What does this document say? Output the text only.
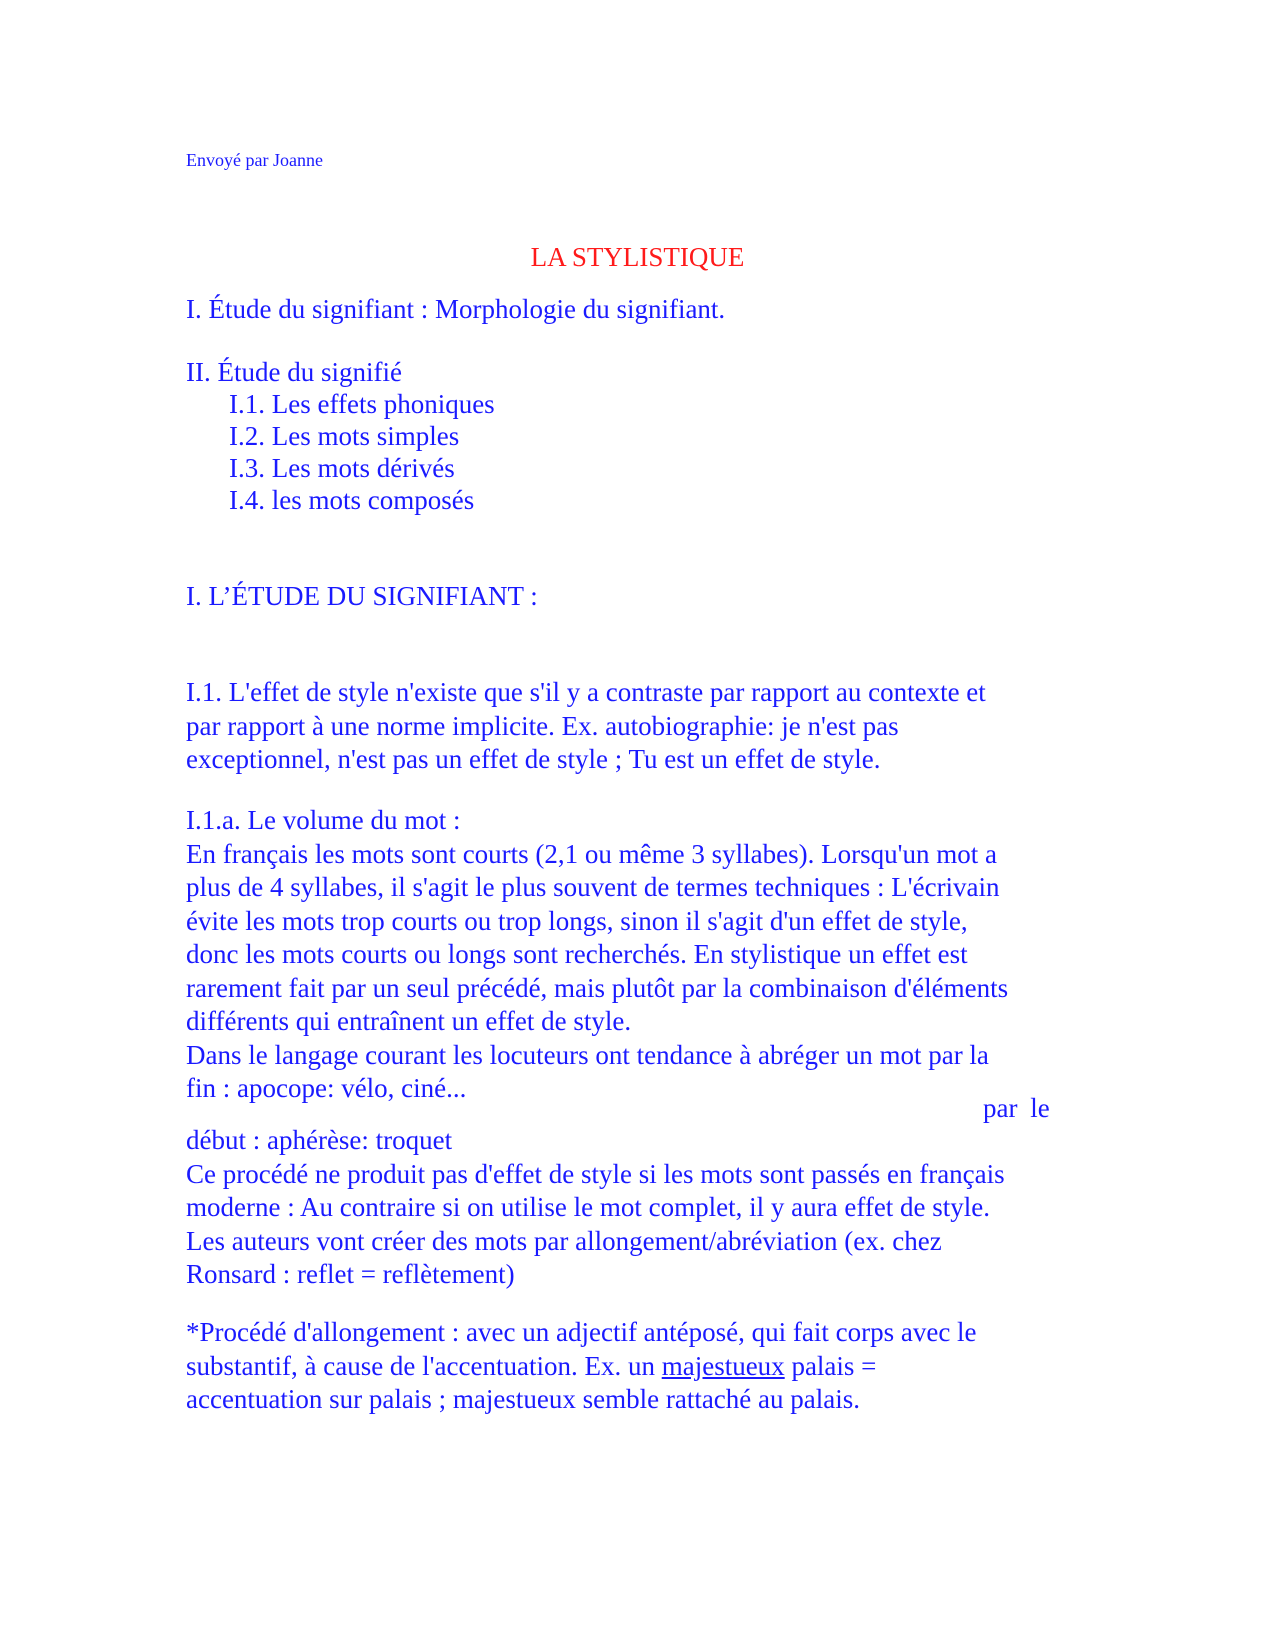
Envoyé par Joanne

LA STYLISTIQUE

I. Étude du signifiant : Morphologie du signifiant.

II. Étude du signifié

I.1. Les effets phoniques

I.2. Les mots simples

I.3. Les mots dérivés

I.4. les mots composés

I. L’ÉTUDE DU SIGNIFIANT :

I.1. L'effet de style n'existe que s'il y a contraste par rapport au contexte et
par rapport à une norme implicite. Ex. autobiographie: je n'est pas
exceptionnel, n'est pas un effet de style ; Tu est un effet de style.
I.1.a. Le volume du mot :
En français les mots sont courts (2,1 ou même 3 syllabes). Lorsqu'un mot a
plus de 4 syllabes, il s'agit le plus souvent de termes techniques : L'écrivain
évite les mots trop courts ou trop longs, sinon il s'agit d'un effet de style,
donc les mots courts ou longs sont recherchés. En stylistique un effet est
rarement fait par un seul précédé, mais plutôt par la combinaison d'éléments
différents qui entraînent un effet de style.
Dans le langage courant les locuteurs ont tendance à abréger un mot par la
fin : apocope: vélo, ciné...

par le

début : aphérèse: troquet
Ce procédé ne produit pas d'effet de style si les mots sont passés en français
moderne : Au contraire si on utilise le mot complet, il y aura effet de style.
Les auteurs vont créer des mots par allongement/abréviation (ex. chez
Ronsard : reflet = reflètement)
*Procédé d'allongement : avec un adjectif antéposé, qui fait corps avec le
substantif, à cause de l'accentuation. Ex. un majestueux palais =
accentuation sur palais ; majestueux semble rattaché au palais.
